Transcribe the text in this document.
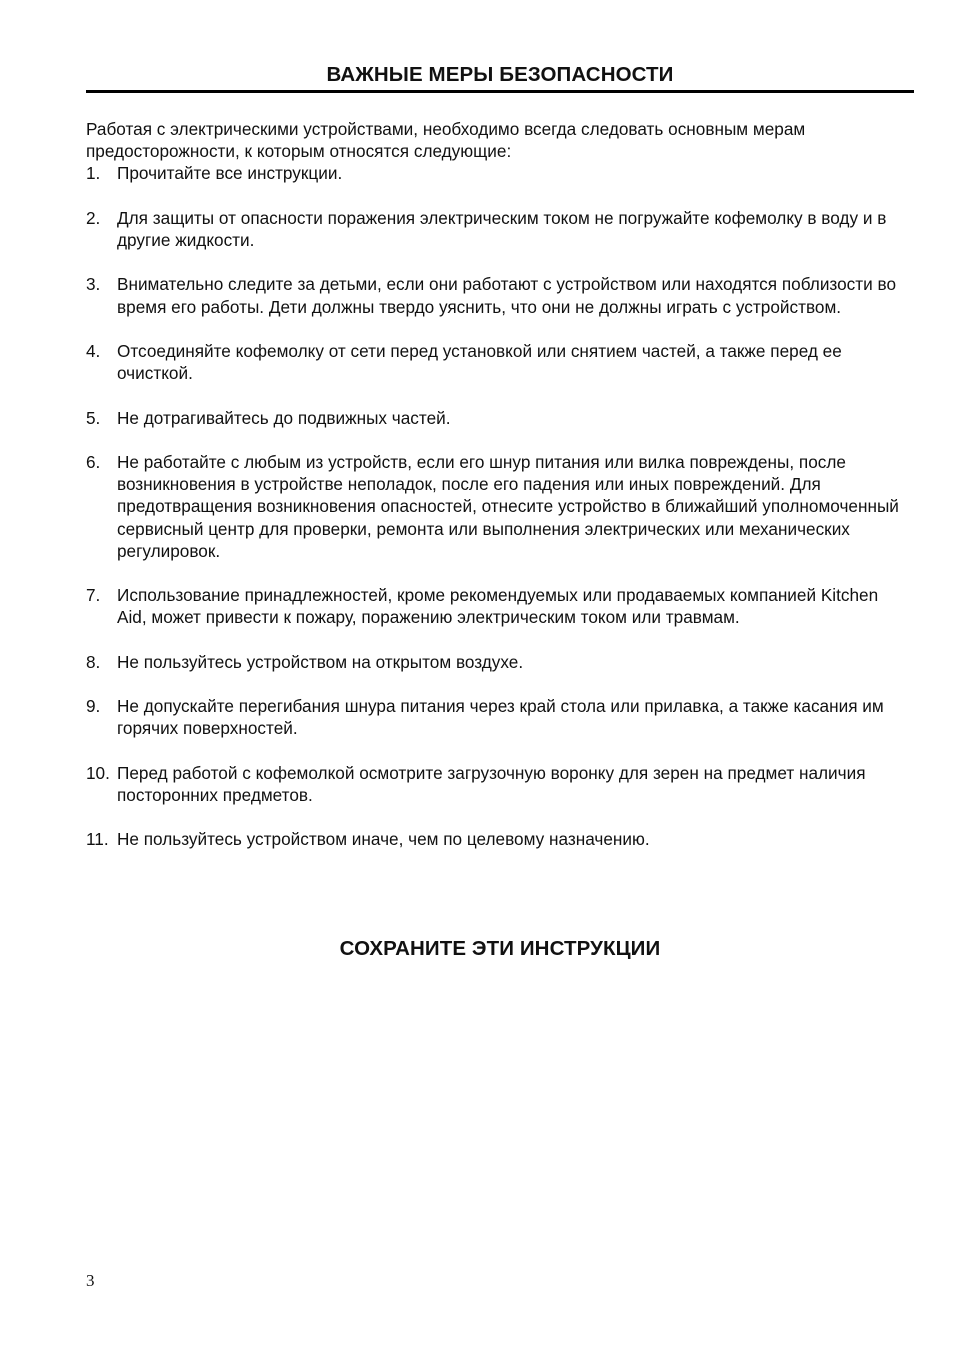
ВАЖНЫЕ МЕРЫ БЕЗОПАСНОСТИ

Работая с электрическими устройствами, необходимо всегда следовать основным мерам предосторожности, к которым относятся следующие:

1. Прочитайте все инструкции.
2. Для защиты от опасности поражения электрическим током не погружайте кофемолку в воду и в другие жидкости.
3. Внимательно следите за детьми, если они работают с устройством или находятся поблизости во время его работы. Дети должны твердо уяснить, что они не должны играть с устройством.
4. Отсоединяйте кофемолку от сети перед установкой или снятием частей, а также перед ее очисткой.
5. Не дотрагивайтесь до подвижных частей.
6. Не работайте с любым из устройств, если его шнур питания или вилка повреждены, после возникновения в устройстве неполадок, после его падения или иных повреждений. Для предотвращения возникновения опасностей, отнесите устройство в ближайший уполномоченный сервисный центр для проверки, ремонта или выполнения электрических или механических регулировок.
7. Использование принадлежностей, кроме рекомендуемых или продаваемых компанией Kitchen Aid, может привести к пожару, поражению электрическим током или травмам.
8. Не пользуйтесь устройством на открытом воздухе.
9. Не допускайте перегибания шнура питания через край стола или прилавка, а также касания им горячих поверхностей.
10. Перед работой с кофемолкой осмотрите загрузочную воронку для зерен на предмет наличия посторонних предметов.
11. Не пользуйтесь устройством иначе, чем по целевому назначению.
СОХРАНИТЕ ЭТИ ИНСТРУКЦИИ
3
